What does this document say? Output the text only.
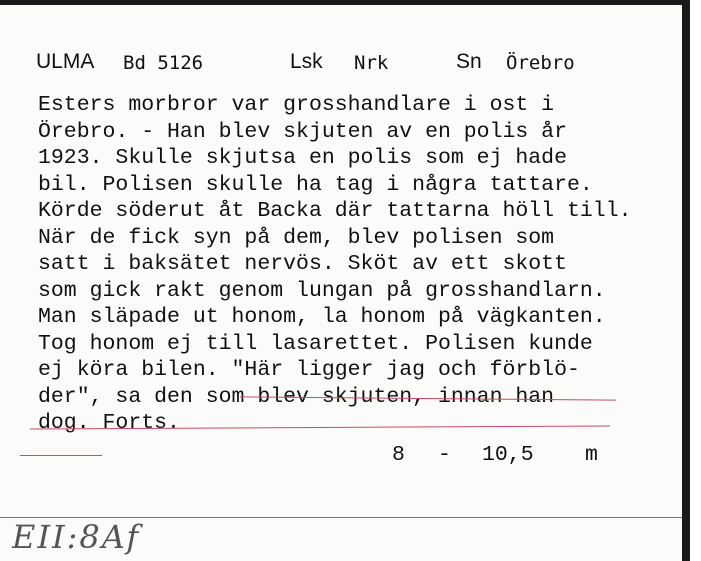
ULMA Bd 5126	Lsk Nrk	Sn Örebro
Esters morbror var grosshandlare i ost i
Örebro. - Han blev skjuten av en polis år
1923. Skulle skjutsa en polis som ej hade
bil. Polisen skulle ha tag i några tattare.
Körde söderut åt Backa där tattarna höll till.
När de fick syn på dem, blev polisen som
satt i baksätet nervös. Sköt av ett skott
som gick rakt genom lungan på grosshandlarn.
Man släpade ut honom, la honom på vägkanten.
Tog honom ej till lasarettet. Polisen kunde
ej köra bilen. "Här ligger jag och förblö-
der", sa den som blev skjuten, innan han
dog. Forts.
8 - 10,5 m
EII:8Af
